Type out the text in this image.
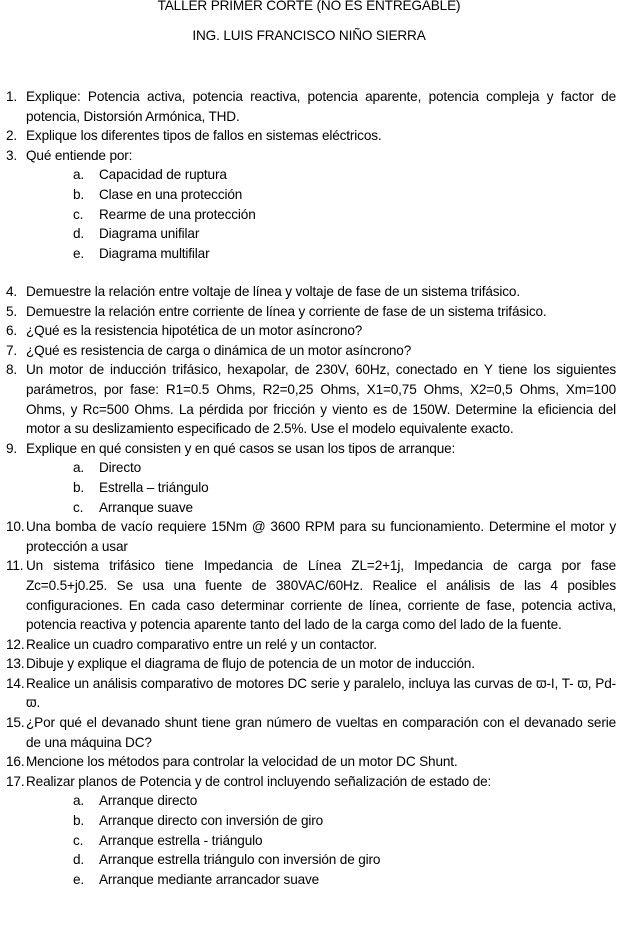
TALLER PRIMER CORTE (NO ES ENTREGABLE)
ING. LUIS FRANCISCO NIÑO SIERRA
1. Explique: Potencia activa, potencia reactiva, potencia aparente, potencia compleja y factor de potencia, Distorsión Armónica, THD.
2. Explique los diferentes tipos de fallos en sistemas eléctricos.
3. Qué entiende por:
a. Capacidad de ruptura
b. Clase en una protección
c. Rearme de una protección
d. Diagrama unifilar
e. Diagrama multifilar
4. Demuestre la relación entre voltaje de línea y voltaje de fase de un sistema trifásico.
5. Demuestre la relación entre corriente de línea y corriente de fase de un sistema trifásico.
6. ¿Qué es la resistencia hipotética de un motor asíncrono?
7. ¿Qué es resistencia de carga o dinámica de un motor asíncrono?
8. Un motor de inducción trifásico, hexapolar, de 230V, 60Hz, conectado en Y tiene los siguientes parámetros, por fase: R1=0.5 Ohms, R2=0,25 Ohms, X1=0,75 Ohms, X2=0,5 Ohms, Xm=100 Ohms, y Rc=500 Ohms. La pérdida por fricción y viento es de 150W. Determine la eficiencia del motor a su deslizamiento especificado de 2.5%. Use el modelo equivalente exacto.
9. Explique en qué consisten y en qué casos se usan los tipos de arranque:
a. Directo
b. Estrella – triángulo
c. Arranque suave
10. Una bomba de vacío requiere 15Nm @ 3600 RPM para su funcionamiento. Determine el motor y protección a usar
11. Un sistema trifásico tiene Impedancia de Línea ZL=2+1j, Impedancia de carga por fase Zc=0.5+j0.25. Se usa una fuente de 380VAC/60Hz. Realice el análisis de las 4 posibles configuraciones. En cada caso determinar corriente de línea, corriente de fase, potencia activa, potencia reactiva y potencia aparente tanto del lado de la carga como del lado de la fuente.
12. Realice un cuadro comparativo entre un relé y un contactor.
13. Dibuje y explique el diagrama de flujo de potencia de un motor de inducción.
14. Realice un análisis comparativo de motores DC serie y paralelo, incluya las curvas de ϖ-I, T- ϖ, Pd- ϖ.
15. ¿Por qué el devanado shunt tiene gran número de vueltas en comparación con el devanado serie de una máquina DC?
16. Mencione los métodos para controlar la velocidad de un motor DC Shunt.
17. Realizar planos de Potencia y de control incluyendo señalización de estado de:
a. Arranque directo
b. Arranque directo con inversión de giro
c. Arranque estrella - triángulo
d. Arranque estrella triángulo con inversión de giro
e. Arranque mediante arrancador suave
